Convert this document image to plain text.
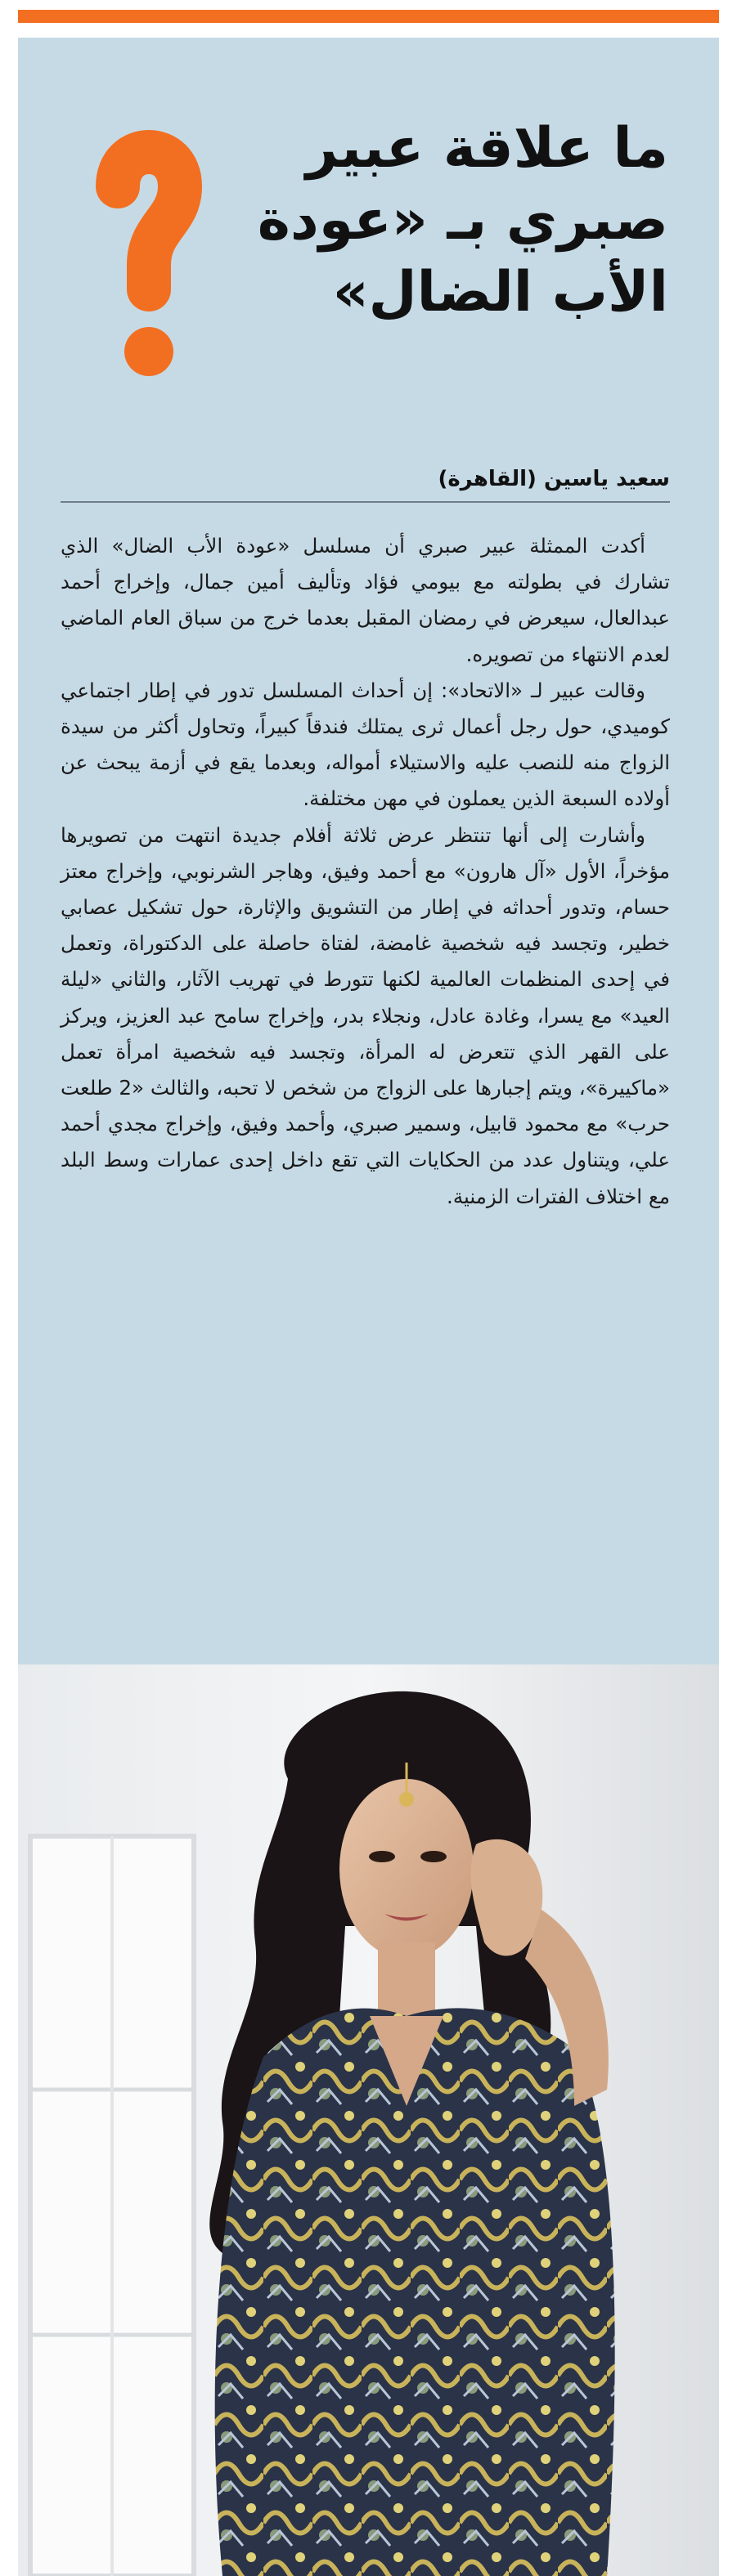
ما علاقة عبير
صبري بـ «عودة
الأب الضال»
سعيد ياسين (القاهرة)

أكدت الممثلة عبير صبري أن مسلسل «عودة الأب الضال» الذي تشارك في بطولته مع بيومي فؤاد وتأليف أمين جمال، وإخراج أحمد عبدالعال، سيعرض في رمضان المقبل بعدما خرج من سباق العام الماضي لعدم الانتهاء من تصويره.

وقالت عبير لـ «الاتحاد»: إن أحداث المسلسل تدور في إطار اجتماعي كوميدي، حول رجل أعمال ثرى يمتلك فندقاً كبيراً، وتحاول أكثر من سيدة الزواج منه للنصب عليه والاستيلاء أمواله، وبعدما يقع في أزمة يبحث عن أولاده السبعة الذين يعملون في مهن مختلفة.

وأشارت إلى أنها تنتظر عرض ثلاثة أفلام جديدة انتهت من تصويرها مؤخراً، الأول «آل هارون» مع أحمد وفيق، وهاجر الشرنوبي، وإخراج معتز حسام، وتدور أحداثه في إطار من التشويق والإثارة، حول تشكيل عصابي خطير، وتجسد فيه شخصية غامضة، لفتاة حاصلة على الدكتوراة، وتعمل في إحدى المنظمات العالمية لكنها تتورط في تهريب الآثار، والثاني «ليلة العيد» مع يسرا، وغادة عادل، ونجلاء بدر، وإخراج سامح عبد العزيز، ويركز على القهر الذي تتعرض له المرأة، وتجسد فيه شخصية امرأة تعمل «ماكييرة»، ويتم إجبارها على الزواج من شخص لا تحبه، والثالث «2 طلعت حرب» مع محمود قابيل، وسمير صبري، وأحمد وفيق، وإخراج مجدي أحمد علي، ويتناول عدد من الحكايات التي تقع داخل إحدى عمارات وسط البلد مع اختلاف الفترات الزمنية.
